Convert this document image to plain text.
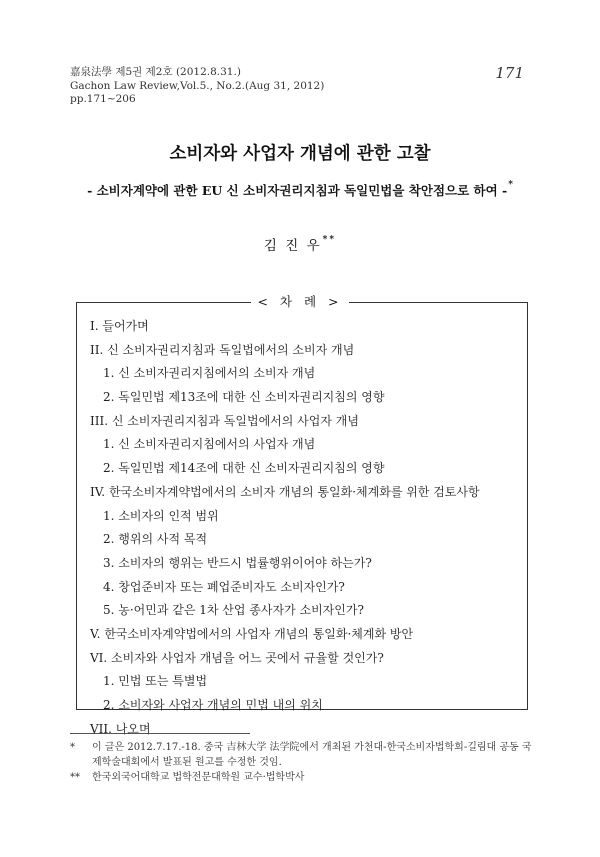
嘉泉法學 제5권 제2호 (2012.8.31.)
Gachon Law Review,Vol.5., No.2.(Aug 31, 2012)
pp.171~206
171
소비자와 사업자 개념에 관한 고찰
- 소비자계약에 관한 EU 신 소비자권리지침과 독일민법을 착안점으로 하여 -*
김 진 우**
< 차 례 >
I. 들어가며
II. 신 소비자권리지침과 독일법에서의 소비자 개념
1. 신 소비자권리지침에서의 소비자 개념
2. 독일민법 제13조에 대한 신 소비자권리지침의 영향
III. 신 소비자권리지침과 독일법에서의 사업자 개념
1. 신 소비자권리지침에서의 사업자 개념
2. 독일민법 제14조에 대한 신 소비자권리지침의 영향
IV. 한국소비자계약법에서의 소비자 개념의 통일화·체계화를 위한 검토사항
1. 소비자의 인적 범위
2. 행위의 사적 목적
3. 소비자의 행위는 반드시 법률행위이어야 하는가?
4. 창업준비자 또는 폐업준비자도 소비자인가?
5. 농·어민과 같은 1차 산업 종사자가 소비자인가?
V. 한국소비자계약법에서의 사업자 개념의 통일화·체계화 방안
VI. 소비자와 사업자 개념을 어느 곳에서 규율할 것인가?
1. 민법 또는 특별법
2. 소비자와 사업자 개념의 민법 내의 위치
VII. 나오며
*	이 글은 2012.7.17.-18. 중국 吉林大学 法学院에서 개최된 가천대-한국소비자법학회-길림대 공동 국제학술대회에서 발표된 원고를 수정한 것임.
**	한국외국어대학교 법학전문대학원 교수·법학박사
